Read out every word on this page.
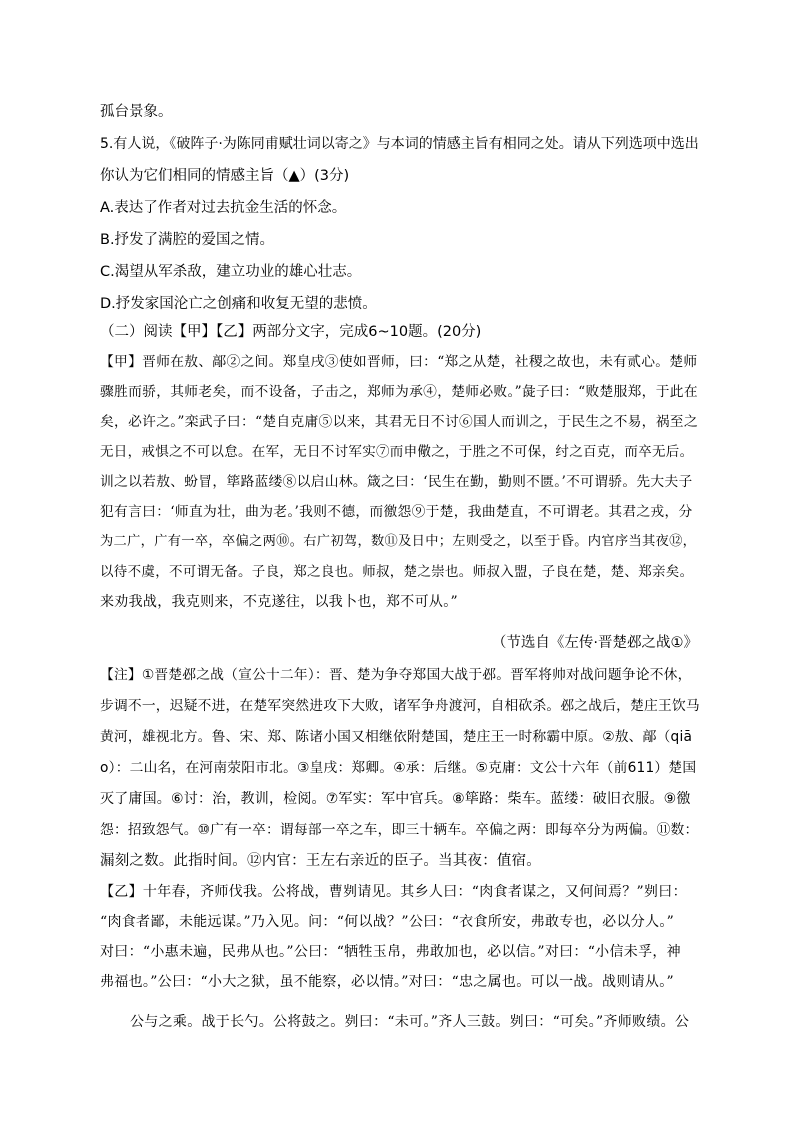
孤台景象。
5.有人说，《破阵子·为陈同甫赋壮词以寄之》与本词的情感主旨有相同之处。请从下列选项中选出
你认为它们相同的情感主旨（▲）(3分)
A.表达了作者对过去抗金生活的怀念。
B.抒发了满腔的爱国之情。
C.渴望从军杀敌，建立功业的雄心壮志。
D.抒发家国沦亡之创痛和收复无望的悲愤。
（二）阅读【甲】【乙】两部分文字，完成6~10题。(20分)
【甲】晋师在敖、鄗②之间。郑皇戌③使如晋师，曰：“郑之从楚，社稷之故也，未有贰心。楚师
骤胜而骄，其师老矣，而不设备，子击之，郑师为承④，楚师必败。”彘子曰：“败楚服郑，于此在
矣，必许之。”栾武子曰：“楚自克庸⑤以来，其君无日不讨⑥国人而训之，于民生之不易，祸至之
无日，戒惧之不可以怠。在军，无日不讨军实⑦而申儆之，于胜之不可保，纣之百克，而卒无后。
训之以若敖、蚡冒，筚路蓝缕⑧以启山林。箴之曰：‘民生在勤，勤则不匮。’不可谓骄。先大夫子
犯有言曰：‘师直为壮，曲为老。’我则不德，而徼怨⑨于楚，我曲楚直，不可谓老。其君之戎，分
为二广，广有一卒，卒偏之两⑩。右广初驾，数⑪及日中；左则受之，以至于昏。内官序当其夜⑫，
以待不虞，不可谓无备。子良，郑之良也。师叔，楚之崇也。师叔入盟，子良在楚，楚、郑亲矣。
来劝我战，我克则来，不克遂往，以我卜也，郑不可从。”
（节选自《左传·晋楚邲之战①》
【注】①晋楚邲之战（宣公十二年）：晋、楚为争夺郑国大战于邲。晋军将帅对战问题争论不休，
步调不一，迟疑不进，在楚军突然进攻下大败，诸军争舟渡河，自相砍杀。邲之战后，楚庄王饮马
黄河，雄视北方。鲁、宋、郑、陈诸小国又相继依附楚国，楚庄王一时称霸中原。②敖、鄗（qiā
o）：二山名，在河南荥阳市北。③皇戌：郑卿。④承：后继。⑤克庸：文公十六年（前611）楚国
灭了庸国。⑥讨：治，教训，检阅。⑦军实：军中官兵。⑧筚路：柴车。蓝缕：破旧衣服。⑨徼
怨：招致怨气。⑩广有一卒：谓每部一卒之车，即三十辆车。卒偏之两：即每卒分为两偏。⑪数：
漏刻之数。此指时间。⑫内官：王左右亲近的臣子。当其夜：值宿。
【乙】十年春，齐师伐我。公将战，曹刿请见。其乡人曰：“肉食者谋之，又何间焉？”刿曰：
“肉食者鄙，未能远谋。”乃入见。问：“何以战？”公曰：“衣食所安，弗敢专也，必以分人。”
对曰：“小惠未遍，民弗从也。”公曰：“牺牲玉帛，弗敢加也，必以信。”对曰：“小信未孚，神
弗福也。”公曰：“小大之狱，虽不能察，必以情。”对曰：“忠之属也。可以一战。战则请从。”
公与之乘。战于长勺。公将鼓之。刿曰：“未可。”齐人三鼓。刿曰：“可矣。”齐师败绩。公
